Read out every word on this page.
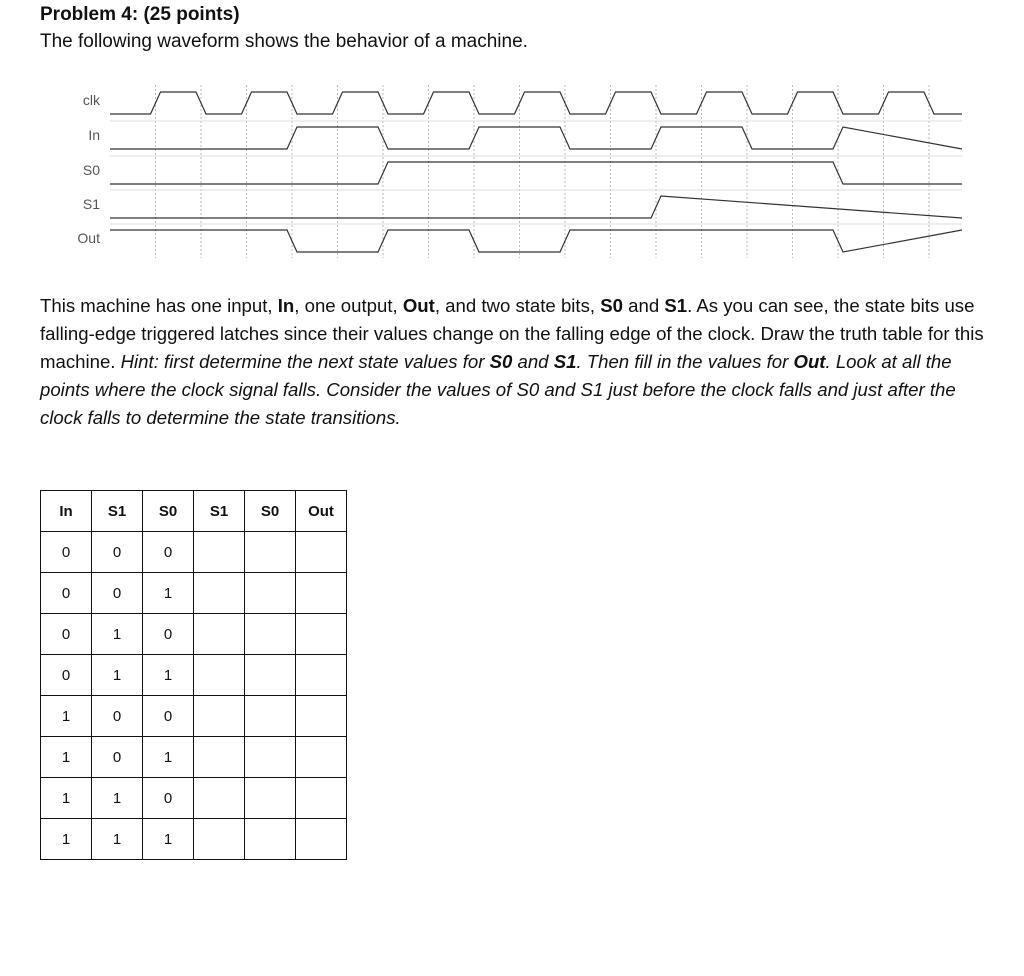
Problem 4: (25 points)
The following waveform shows the behavior of a machine.
clk
In
S0
S1
Out
This machine has one input, In, one output, Out, and two state bits, S0 and S1. As you can see, the state bits use falling-edge triggered latches since their values change on the falling edge of the clock. Draw the truth table for this machine. Hint: first determine the next state values for S0 and S1. Then fill in the values for Out. Look at all the points where the clock signal falls. Consider the values of S0 and S1 just before the clock falls and just after the clock falls to determine the state transitions.
In	S1	S0	S1	S0	Out
0	0	0			
0	0	1			
0	1	0			
0	1	1			
1	0	0			
1	0	1			
1	1	0			
1	1	1			
